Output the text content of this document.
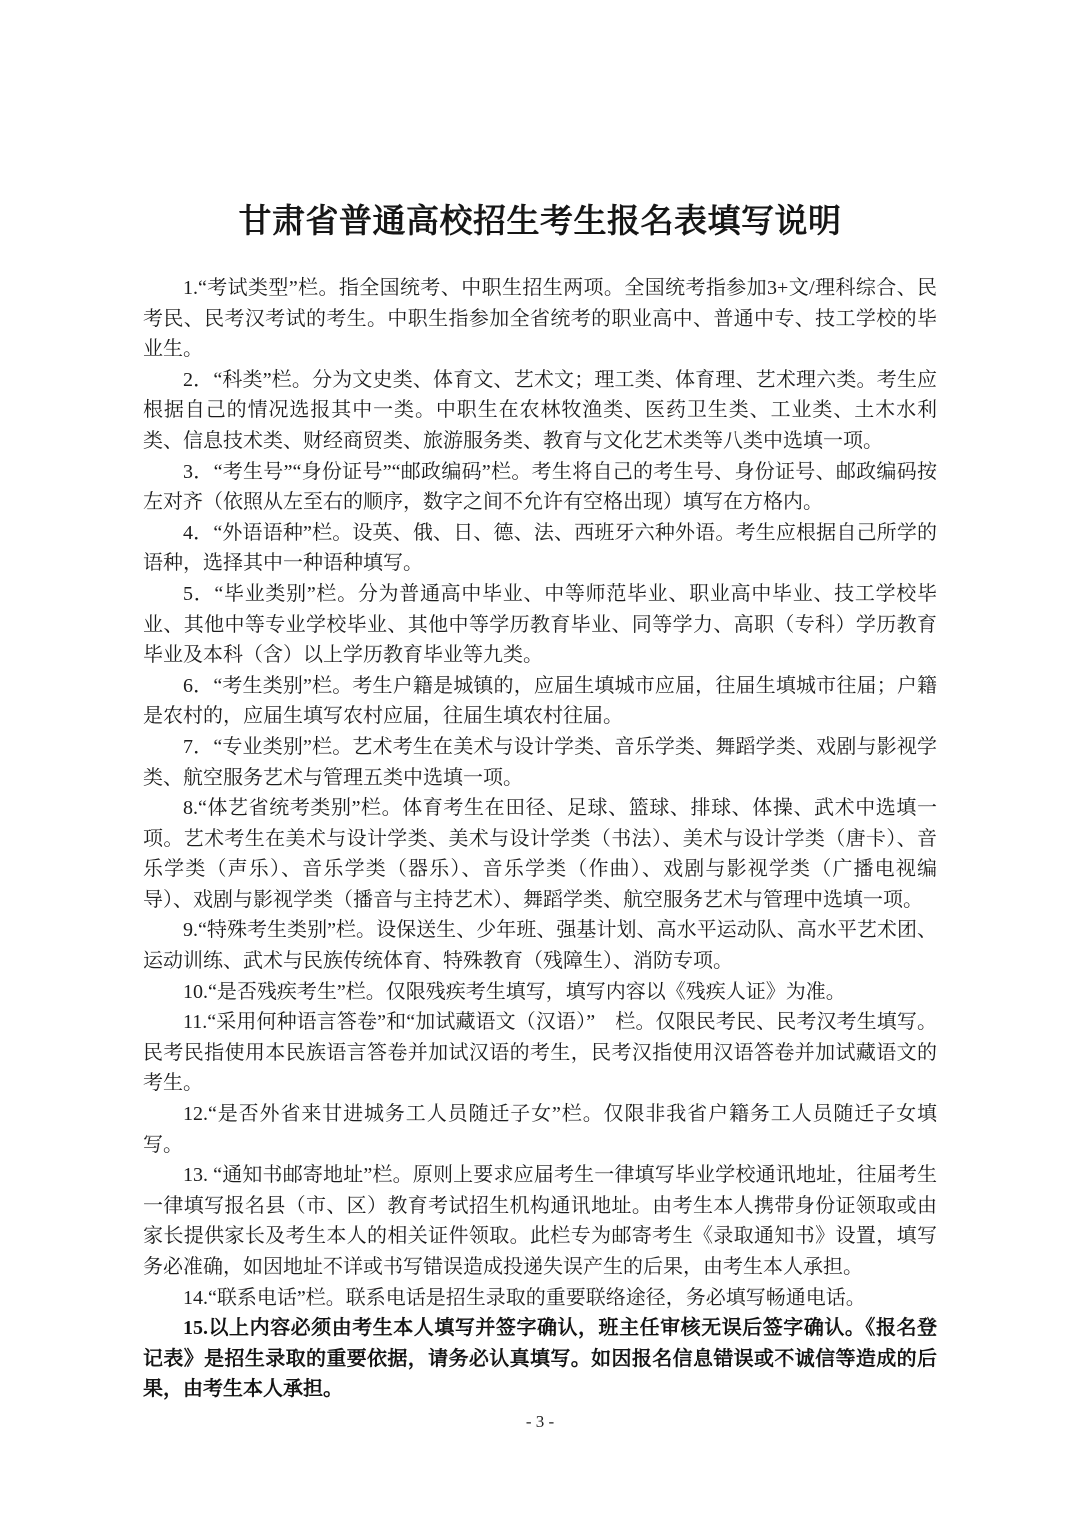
甘肃省普通高校招生考生报名表填写说明

1.“考试类型”栏。指全国统考、中职生招生两项。全国统考指参加3+文/理科综合、民考民、民考汉考试的考生。中职生指参加全省统考的职业高中、普通中专、技工学校的毕业生。

2．“科类”栏。分为文史类、体育文、艺术文；理工类、体育理、艺术理六类。考生应根据自己的情况选报其中一类。中职生在农林牧渔类、医药卫生类、工业类、土木水利类、信息技术类、财经商贸类、旅游服务类、教育与文化艺术类等八类中选填一项。

3．“考生号”“身份证号”“邮政编码”栏。考生将自己的考生号、身份证号、邮政编码按左对齐（依照从左至右的顺序，数字之间不允许有空格出现）填写在方格内。

4．“外语语种”栏。设英、俄、日、德、法、西班牙六种外语。考生应根据自己所学的语种，选择其中一种语种填写。

5．“毕业类别”栏。分为普通高中毕业、中等师范毕业、职业高中毕业、技工学校毕业、其他中等专业学校毕业、其他中等学历教育毕业、同等学力、高职（专科）学历教育毕业及本科（含）以上学历教育毕业等九类。

6．“考生类别”栏。考生户籍是城镇的，应届生填城市应届，往届生填城市往届；户籍是农村的，应届生填写农村应届，往届生填农村往届。

7．“专业类别”栏。艺术考生在美术与设计学类、音乐学类、舞蹈学类、戏剧与影视学类、航空服务艺术与管理五类中选填一项。

8.“体艺省统考类别”栏。体育考生在田径、足球、篮球、排球、体操、武术中选填一项。艺术考生在美术与设计学类、美术与设计学类（书法）、美术与设计学类（唐卡）、音乐学类（声乐）、音乐学类（器乐）、音乐学类（作曲）、戏剧与影视学类（广播电视编导）、戏剧与影视学类（播音与主持艺术）、舞蹈学类、航空服务艺术与管理中选填一项。

9.“特殊考生类别”栏。设保送生、少年班、强基计划、高水平运动队、高水平艺术团、运动训练、武术与民族传统体育、特殊教育（残障生）、消防专项。

10.“是否残疾考生”栏。仅限残疾考生填写，填写内容以《残疾人证》为准。

11.“采用何种语言答卷”和“加试藏语文（汉语）”　栏。仅限民考民、民考汉考生填写。民考民指使用本民族语言答卷并加试汉语的考生，民考汉指使用汉语答卷并加试藏语文的考生。

12.“是否外省来甘进城务工人员随迁子女”栏。仅限非我省户籍务工人员随迁子女填写。

13. “通知书邮寄地址”栏。原则上要求应届考生一律填写毕业学校通讯地址，往届考生一律填写报名县（市、区）教育考试招生机构通讯地址。由考生本人携带身份证领取或由家长提供家长及考生本人的相关证件领取。此栏专为邮寄考生《录取通知书》设置，填写务必准确，如因地址不详或书写错误造成投递失误产生的后果，由考生本人承担。

14.“联系电话”栏。联系电话是招生录取的重要联络途径，务必填写畅通电话。

15.以上内容必须由考生本人填写并签字确认，班主任审核无误后签字确认。《报名登记表》是招生录取的重要依据，请务必认真填写。如因报名信息错误或不诚信等造成的后果，由考生本人承担。

- 3 -
